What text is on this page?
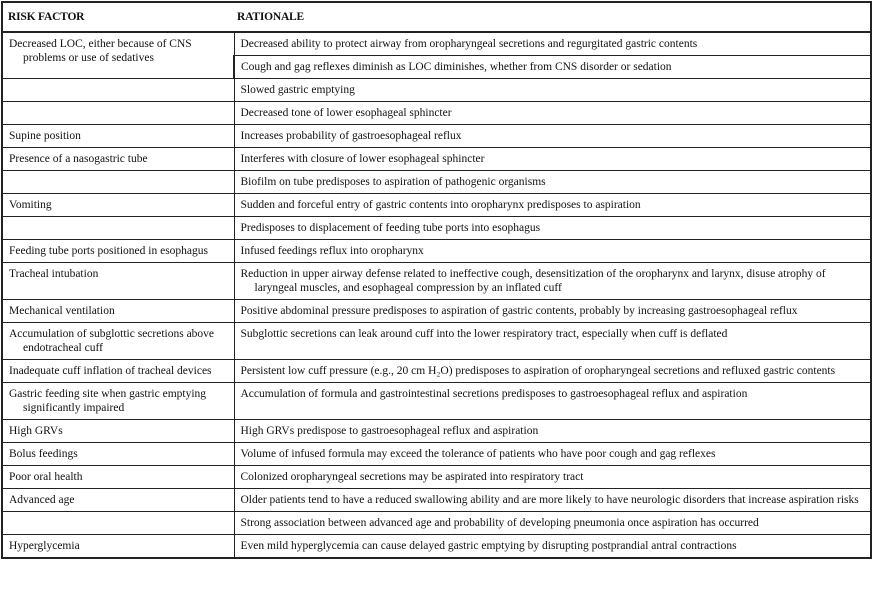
RISK FACTOR	RATIONALE

Decreased LOC, either because of CNS problems or use of sedatives	Decreased ability to protect airway from oropharyngeal secretions and regurgitated gastric contents

	Cough and gag reflexes diminish as LOC diminishes, whether from CNS disorder or sedation

	Slowed gastric emptying

	Decreased tone of lower esophageal sphincter

Supine position	Increases probability of gastroesophageal reflux

Presence of a nasogastric tube	Interferes with closure of lower esophageal sphincter

	Biofilm on tube predisposes to aspiration of pathogenic organisms

Vomiting	Sudden and forceful entry of gastric contents into oropharynx predisposes to aspiration

	Predisposes to displacement of feeding tube ports into esophagus

Feeding tube ports positioned in esophagus	Infused feedings reflux into oropharynx

Tracheal intubation	Reduction in upper airway defense related to ineffective cough, desensitization of the oropharynx and larynx, disuse atrophy of laryngeal muscles, and esophageal compression by an inflated cuff

Mechanical ventilation	Positive abdominal pressure predisposes to aspiration of gastric contents, probably by increasing gastroesophageal reflux

Accumulation of subglottic secretions above endotracheal cuff	Subglottic secretions can leak around cuff into the lower respiratory tract, especially when cuff is deflated

Inadequate cuff inflation of tracheal devices	Persistent low cuff pressure (e.g., 20 cm H₂O) predisposes to aspiration of oropharyngeal secretions and refluxed gastric contents

Gastric feeding site when gastric emptying significantly impaired	Accumulation of formula and gastrointestinal secretions predisposes to gastroesophageal reflux and aspiration

High GRVs	High GRVs predispose to gastroesophageal reflux and aspiration

Bolus feedings	Volume of infused formula may exceed the tolerance of patients who have poor cough and gag reflexes

Poor oral health	Colonized oropharyngeal secretions may be aspirated into respiratory tract

Advanced age	Older patients tend to have a reduced swallowing ability and are more likely to have neurologic disorders that increase aspiration risks

	Strong association between advanced age and probability of developing pneumonia once aspiration has occurred

Hyperglycemia	Even mild hyperglycemia can cause delayed gastric emptying by disrupting postprandial antral contractions
